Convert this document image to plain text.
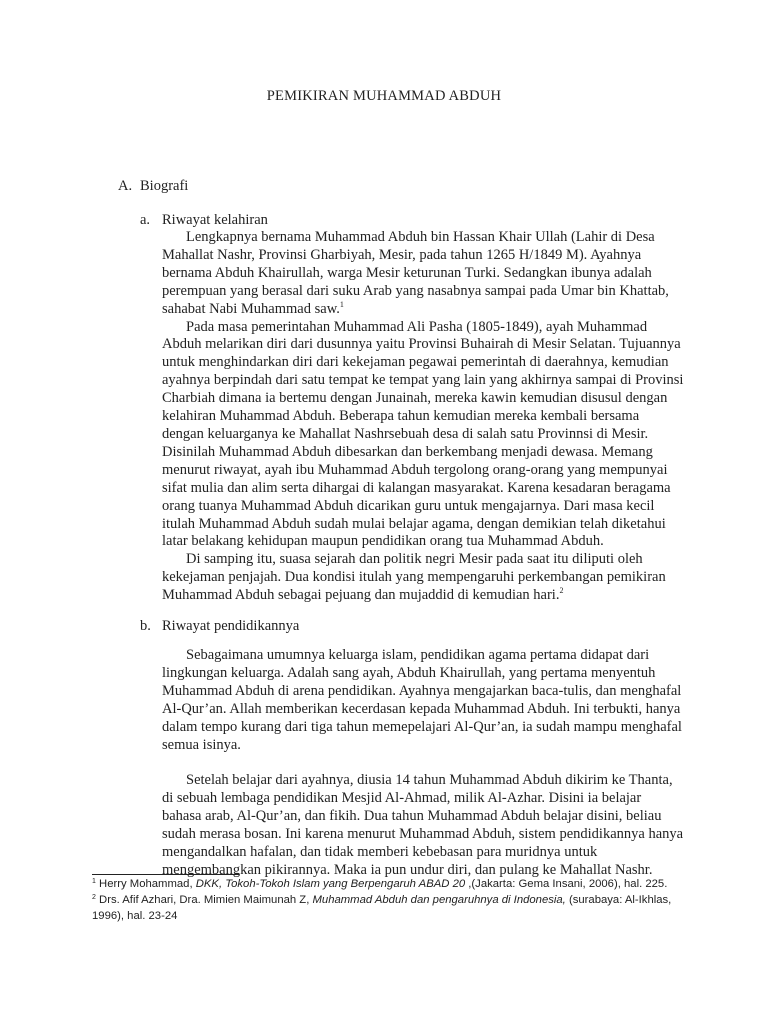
PEMIKIRAN MUHAMMAD ABDUH
A. Biografi
a. Riwayat kelahiran

Lengkapnya bernama Muhammad Abduh bin Hassan Khair Ullah (Lahir di Desa Mahallat Nashr, Provinsi Gharbiyah, Mesir, pada tahun 1265 H/1849 M). Ayahnya bernama Abduh Khairullah, warga Mesir keturunan Turki. Sedangkan ibunya adalah perempuan yang berasal dari suku Arab yang nasabnya sampai pada Umar bin Khattab, sahabat Nabi Muhammad saw.$^1$

Pada masa pemerintahan Muhammad Ali Pasha (1805-1849), ayah Muhammad Abduh melarikan diri dari dusunnya yaitu Provinsi Buhairah di Mesir Selatan. Tujuannya untuk menghindarkan diri dari kekejaman pegawai pemerintah di daerahnya, kemudian ayahnya berpindah dari satu tempat ke tempat yang lain yang akhirnya sampai di Provinsi Charbiah dimana ia bertemu dengan Junainah, mereka kawin kemudian disusul dengan kelahiran Muhammad Abduh. Beberapa tahun kemudian mereka kembali bersama dengan keluarganya ke Mahallat Nashrsebuah desa di salah satu Provinnsi di Mesir. Disinilah Muhammad Abduh dibesarkan dan berkembang menjadi dewasa. Memang menurut riwayat, ayah ibu Muhammad Abduh tergolong orang-orang yang mempunyai sifat mulia dan alim serta dihargai di kalangan masyarakat. Karena kesadaran beragama orang tuanya Muhammad Abduh dicarikan guru untuk mengajarnya. Dari masa kecil itulah Muhammad Abduh sudah mulai belajar agama, dengan demikian telah diketahui latar belakang kehidupan maupun pendidikan orang tua Muhammad Abduh.

Di samping itu, suasa sejarah dan politik negri Mesir pada saat itu diliputi oleh kekejaman penjajah. Dua kondisi itulah yang mempengaruhi perkembangan pemikiran Muhammad Abduh sebagai pejuang dan mujaddid di kemudian hari.$^2$

b. Riwayat pendidikannya

Sebagaimana umumnya keluarga islam, pendidikan agama pertama didapat dari lingkungan keluarga. Adalah sang ayah, Abduh Khairullah, yang pertama menyentuh Muhammad Abduh di arena pendidikan. Ayahnya mengajarkan baca-tulis, dan menghafal Al-Qur’an. Allah memberikan kecerdasan kepada Muhammad Abduh. Ini terbukti, hanya dalam tempo kurang dari tiga tahun memepelajari Al-Qur’an, ia sudah mampu menghafal semua isinya.

Setelah belajar dari ayahnya, diusia 14 tahun Muhammad Abduh dikirim ke Thanta, di sebuah lembaga pendidikan Mesjid Al-Ahmad, milik Al-Azhar. Disini ia belajar bahasa arab, Al-Qur’an, dan fikih. Dua tahun Muhammad Abduh belajar disini, beliau sudah merasa bosan. Ini karena menurut Muhammad Abduh, sistem pendidikannya hanya mengandalkan hafalan, dan tidak memberi kebebasan para muridnya untuk mengembangkan pikirannya. Maka ia pun undur diri, dan pulang ke Mahallat Nashr.

$^1$ Herry Mohammad, DKK, Tokoh-Tokoh Islam yang Berpengaruh ABAD 20 ,(Jakarta: Gema Insani, 2006), hal. 225.

$^2$ Drs. Afif Azhari, Dra. Mimien Maimunah Z, Muhammad Abduh dan pengaruhnya di Indonesia, (surabaya: Al-Ikhlas, 1996), hal. 23-24
